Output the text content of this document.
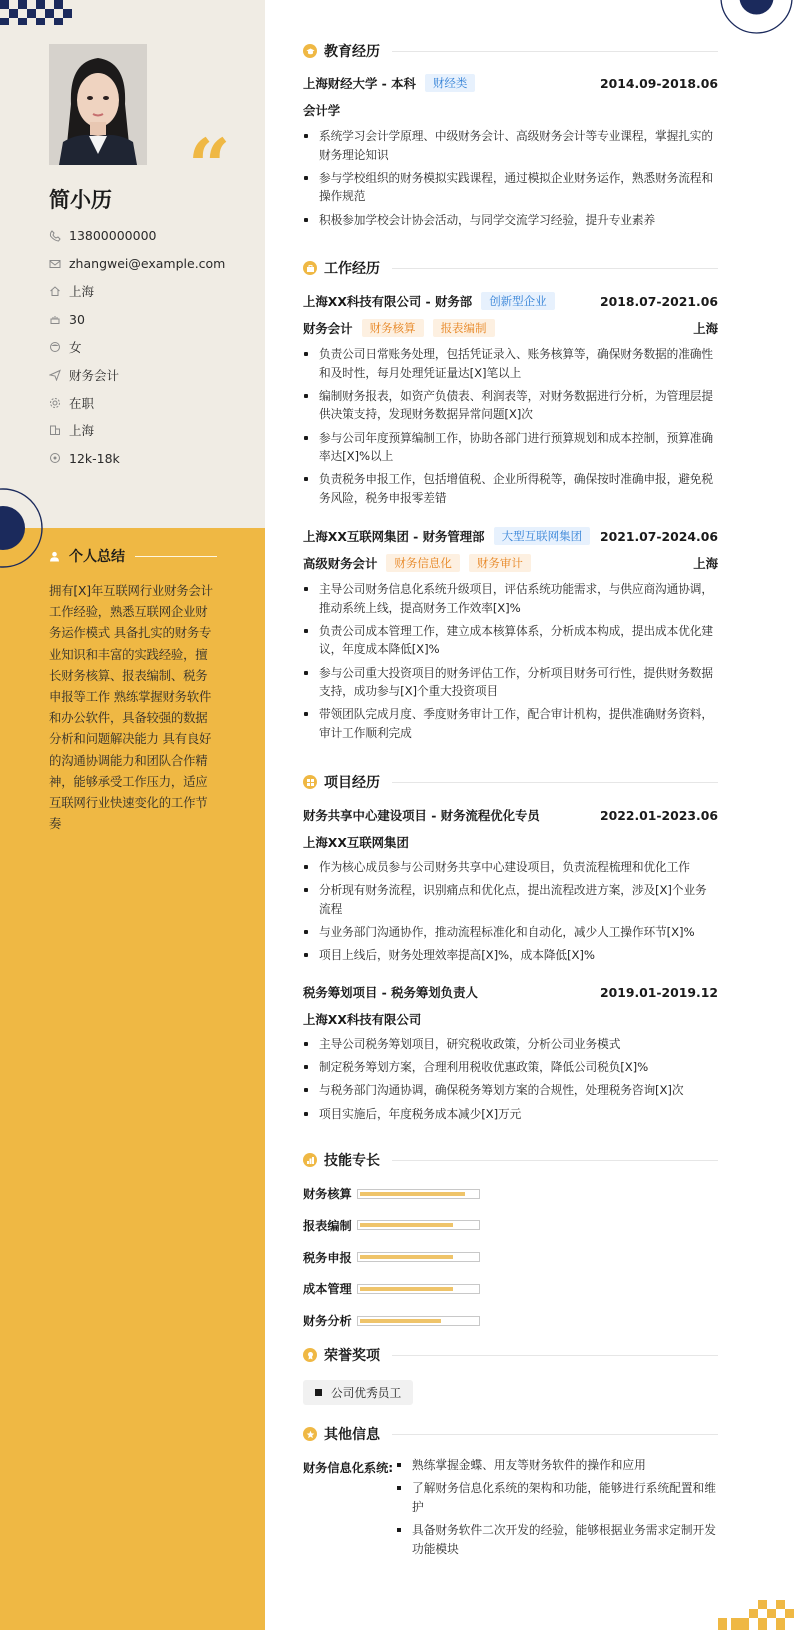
“
简小历
13800000000
zhangwei@example.com
上海
30
女
财务会计
在职
上海
12k-18k
个人总结

拥有[X]年互联网行业财务会计工作经验，熟悉互联网企业财务运作模式 具备扎实的财务专业知识和丰富的实践经验，擅长财务核算、报表编制、税务申报等工作 熟练掌握财务软件和办公软件，具备较强的数据分析和问题解决能力 具有良好的沟通协调能力和团队合作精神，能够承受工作压力，适应互联网行业快速变化的工作节奏

教育经历
上海财经大学 - 本科	财经类	2014.09-2018.06
会计学
系统学习会计学原理、中级财务会计、高级财务会计等专业课程，掌握扎实的财务理论知识
参与学校组织的财务模拟实践课程，通过模拟企业财务运作，熟悉财务流程和操作规范
积极参加学校会计协会活动，与同学交流学习经验，提升专业素养
工作经历
上海XX科技有限公司 - 财务部	创新型企业	2018.07-2021.06
财务会计	财务核算	报表编制	上海
负责公司日常账务处理，包括凭证录入、账务核算等，确保财务数据的准确性和及时性，每月处理凭证量达[X]笔以上
编制财务报表，如资产负债表、利润表等，对财务数据进行分析，为管理层提供决策支持，发现财务数据异常问题[X]次
参与公司年度预算编制工作，协助各部门进行预算规划和成本控制，预算准确率达[X]%以上
负责税务申报工作，包括增值税、企业所得税等，确保按时准确申报，避免税务风险，税务申报零差错
上海XX互联网集团 - 财务管理部	大型互联网集团	2021.07-2024.06
高级财务会计	财务信息化	财务审计	上海
主导公司财务信息化系统升级项目，评估系统功能需求，与供应商沟通协调，推动系统上线，提高财务工作效率[X]%
负责公司成本管理工作，建立成本核算体系，分析成本构成，提出成本优化建议，年度成本降低[X]%
参与公司重大投资项目的财务评估工作，分析项目财务可行性，提供财务数据支持，成功参与[X]个重大投资项目
带领团队完成月度、季度财务审计工作，配合审计机构，提供准确财务资料，审计工作顺利完成
项目经历
财务共享中心建设项目 - 财务流程优化专员	2022.01-2023.06
上海XX互联网集团
作为核心成员参与公司财务共享中心建设项目，负责流程梳理和优化工作
分析现有财务流程，识别痛点和优化点，提出流程改进方案，涉及[X]个业务流程
与业务部门沟通协作，推动流程标准化和自动化，减少人工操作环节[X]%
项目上线后，财务处理效率提高[X]%，成本降低[X]%
税务筹划项目 - 税务筹划负责人	2019.01-2019.12
上海XX科技有限公司
主导公司税务筹划项目，研究税收政策，分析公司业务模式
制定税务筹划方案，合理利用税收优惠政策，降低公司税负[X]%
与税务部门沟通协调，确保税务筹划方案的合规性，处理税务咨询[X]次
项目实施后，年度税务成本减少[X]万元
技能专长
财务核算
报表编制
税务申报
成本管理
财务分析
荣誉奖项
公司优秀员工
其他信息
财务信息化系统:	熟练掌握金蝶、用友等财务软件的操作和应用
了解财务信息化系统的架构和功能，能够进行系统配置和维护
具备财务软件二次开发的经验，能够根据业务需求定制开发功能模块
